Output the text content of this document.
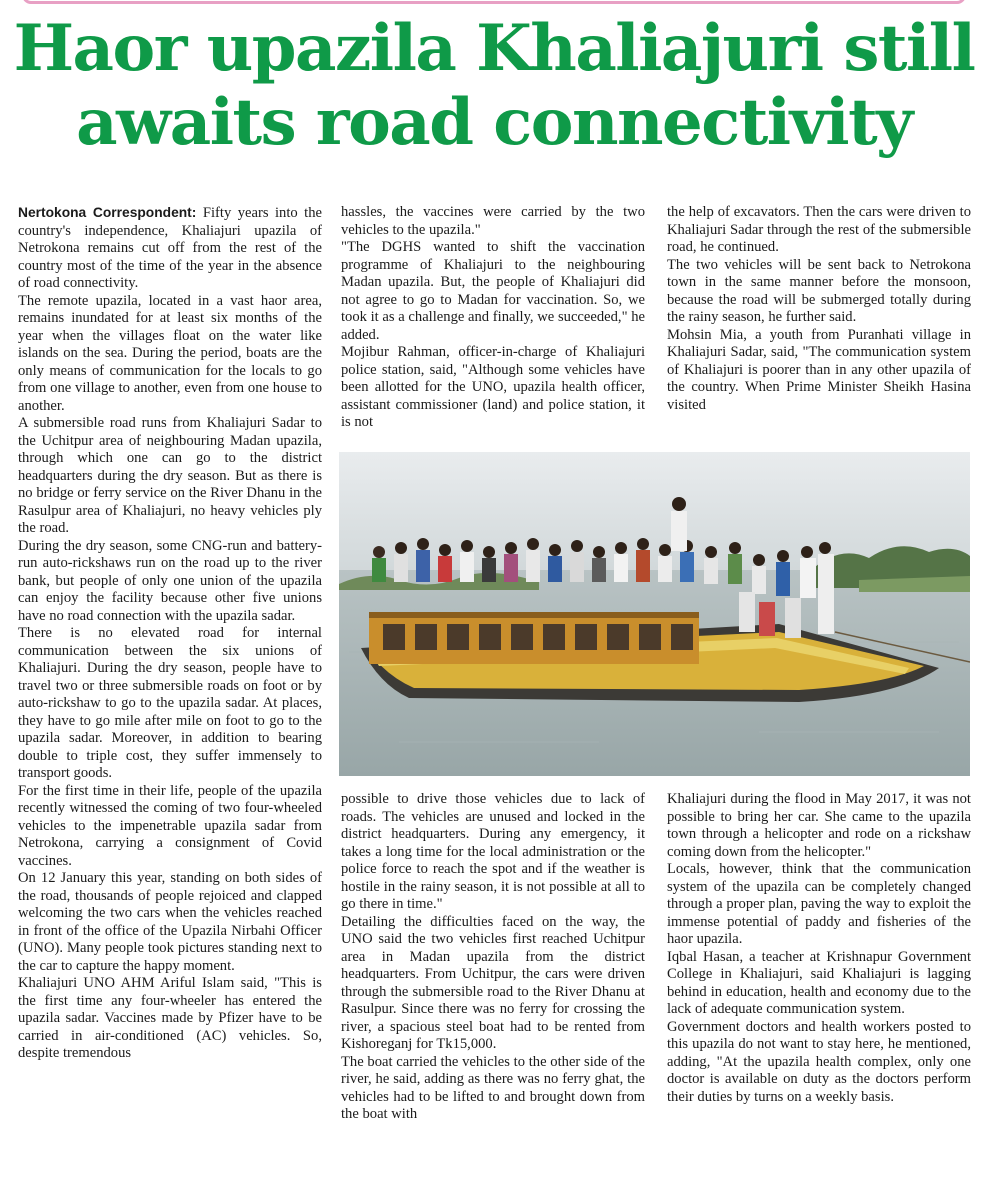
Haor upazila Khaliajuri still
awaits road connectivity

Nertokona Correspondent: Fifty years into the country's independence, Khaliajuri upazila of Netrokona remains cut off from the rest of the country most of the time of the year in the absence of road connectivity.

The remote upazila, located in a vast haor area, remains inundated for at least six months of the year when the villages float on the water like islands on the sea. During the period, boats are the only means of communication for the locals to go from one village to another, even from one house to another.

A submersible road runs from Khaliajuri Sadar to the Uchitpur area of neighbouring Madan upazila, through which one can go to the district headquarters during the dry season. But as there is no bridge or ferry service on the River Dhanu in the Rasulpur area of Khaliajuri, no heavy vehicles ply the road.

During the dry season, some CNG-run and battery-run auto-rickshaws run on the road up to the river bank, but people of only one union of the upazila can enjoy the facility because other five unions have no road connection with the upazila sadar.

There is no elevated road for internal communication between the six unions of Khaliajuri. During the dry season, people have to travel two or three submersible roads on foot or by auto-rickshaw to go to the upazila sadar. At places, they have to go mile after mile on foot to go to the upazila sadar. Moreover, in addition to bearing double to triple cost, they suffer immensely to transport goods.

For the first time in their life, people of the upazila recently witnessed the coming of two four-wheeled vehicles to the impenetrable upazila sadar from Netrokona, carrying a consignment of Covid vaccines.

On 12 January this year, standing on both sides of the road, thousands of people rejoiced and clapped welcoming the two cars when the vehicles reached in front of the office of the Upazila Nirbahi Officer (UNO). Many people took pictures standing next to the car to capture the happy moment.

Khaliajuri UNO AHM Ariful Islam said, "This is the first time any four-wheeler has entered the upazila sadar. Vaccines made by Pfizer have to be carried in air-conditioned (AC) vehicles. So, despite tremendous

hassles, the vaccines were carried by the two vehicles to the upazila."

"The DGHS wanted to shift the vaccination programme of Khaliajuri to the neighbouring Madan upazila. But, the people of Khaliajuri did not agree to go to Madan for vaccination. So, we took it as a challenge and finally, we succeeded," he added.

Mojibur Rahman, officer-in-charge of Khaliajuri police station, said, "Although some vehicles have been allotted for the UNO, upazila health officer, assistant commissioner (land) and police station, it is not

the help of excavators. Then the cars were driven to Khaliajuri Sadar through the rest of the submersible road, he continued.

The two vehicles will be sent back to Netrokona town in the same manner before the monsoon, because the road will be submerged totally during the rainy season, he further said.

Mohsin Mia, a youth from Puranhati village in Khaliajuri Sadar, said, "The communication system of Khaliajuri is poorer than in any other upazila of the country. When Prime Minister Sheikh Hasina visited

possible to drive those vehicles due to lack of roads. The vehicles are unused and locked in the district headquarters. During any emergency, it takes a long time for the local administration or the police force to reach the spot and if the weather is hostile in the rainy season, it is not possible at all to go there in time."

Detailing the difficulties faced on the way, the UNO said the two vehicles first reached Uchitpur area in Madan upazila from the district headquarters. From Uchitpur, the cars were driven through the submersible road to the River Dhanu at Rasulpur. Since there was no ferry for crossing the river, a spacious steel boat had to be rented from Kishoreganj for Tk15,000.

The boat carried the vehicles to the other side of the river, he said, adding as there was no ferry ghat, the vehicles had to be lifted to and brought down from the boat with

Khaliajuri during the flood in May 2017, it was not possible to bring her car. She came to the upazila town through a helicopter and rode on a rickshaw coming down from the helicopter."

Locals, however, think that the communication system of the upazila can be completely changed through a proper plan, paving the way to exploit the immense potential of paddy and fisheries of the haor upazila.

Iqbal Hasan, a teacher at Krishnapur Government College in Khaliajuri, said Khaliajuri is lagging behind in education, health and economy due to the lack of adequate communication system.

Government doctors and health workers posted to this upazila do not want to stay here, he mentioned, adding, "At the upazila health complex, only one doctor is available on duty as the doctors perform their duties by turns on a weekly basis.
